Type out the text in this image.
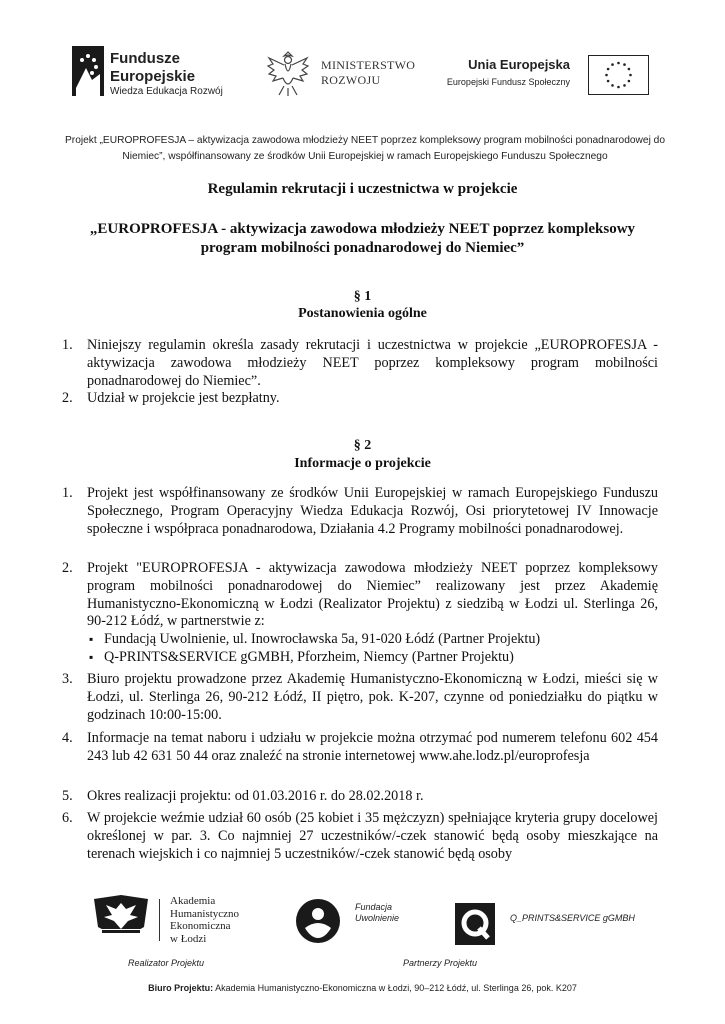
Fundusze
Europejskie
Wiedza Edukacja Rozwój
MINISTERSTWO
ROZWOJU
Unia Europejska
Europejski Fundusz Społeczny
Projekt „EUROPROFESJA – aktywizacja zawodowa młodzieży NEET poprzez kompleksowy program mobilności ponadnarodowej do Niemiec”, współfinansowany ze środków Unii Europejskiej w ramach Europejskiego Funduszu Społecznego
Regulamin rekrutacji i uczestnictwa w projekcie
„EUROPROFESJA - aktywizacja zawodowa młodzieży NEET poprzez kompleksowy program mobilności ponadnarodowej do Niemiec”
§ 1
Postanowienia ogólne
1. Niniejszy regulamin określa zasady rekrutacji i uczestnictwa w projekcie „EUROPROFESJA - aktywizacja zawodowa młodzieży NEET poprzez kompleksowy program mobilności ponadnarodowej do Niemiec”.
2. Udział w projekcie jest bezpłatny.
§ 2
Informacje o projekcie
1. Projekt jest współfinansowany ze środków Unii Europejskiej w ramach Europejskiego Funduszu Społecznego, Program Operacyjny Wiedza Edukacja Rozwój, Osi priorytetowej IV Innowacje społeczne i współpraca ponadnarodowa, Działania 4.2 Programy mobilności ponadnarodowej.
2. Projekt "EUROPROFESJA - aktywizacja zawodowa młodzieży NEET poprzez kompleksowy program mobilności ponadnarodowej do Niemiec” realizowany jest przez Akademię Humanistyczno-Ekonomiczną w Łodzi (Realizator Projektu) z siedzibą w Łodzi ul. Sterlinga 26, 90-212 Łódź, w partnerstwie z:
▪ Fundacją Uwolnienie, ul. Inowrocławska 5a, 91-020 Łódź (Partner Projektu)
▪ Q-PRINTS&SERVICE gGMBH, Pforzheim, Niemcy (Partner Projektu)
3. Biuro projektu prowadzone przez Akademię Humanistyczno-Ekonomiczną w Łodzi, mieści się w Łodzi, ul. Sterlinga 26, 90-212 Łódź, II piętro, pok. K-207, czynne od poniedziałku do piątku w godzinach 10:00-15:00.
4. Informacje na temat naboru i udziału w projekcie można otrzymać pod numerem telefonu 602 454 243 lub 42 631 50 44 oraz znaleźć na stronie internetowej www.ahe.lodz.pl/europrofesja
5. Okres realizacji projektu: od 01.03.2016 r. do 28.02.2018 r.
6. W projekcie weźmie udział 60 osób (25 kobiet i 35 mężczyzn) spełniające kryteria grupy docelowej określonej w par. 3. Co najmniej 27 uczestników/-czek stanowić będą osoby mieszkające na terenach wiejskich i co najmniej 5 uczestników/-czek stanowić będą osoby
Akademia
Humanistyczno
Ekonomiczna
w Łodzi
Fundacja
Uwolnienie	Q_PRINTS&SERVICE gGMBH
Realizator Projektu	Partnerzy Projektu
Biuro Projektu: Akademia Humanistyczno-Ekonomiczna w Łodzi, 90–212 Łódź, ul. Sterlinga 26, pok. K207
